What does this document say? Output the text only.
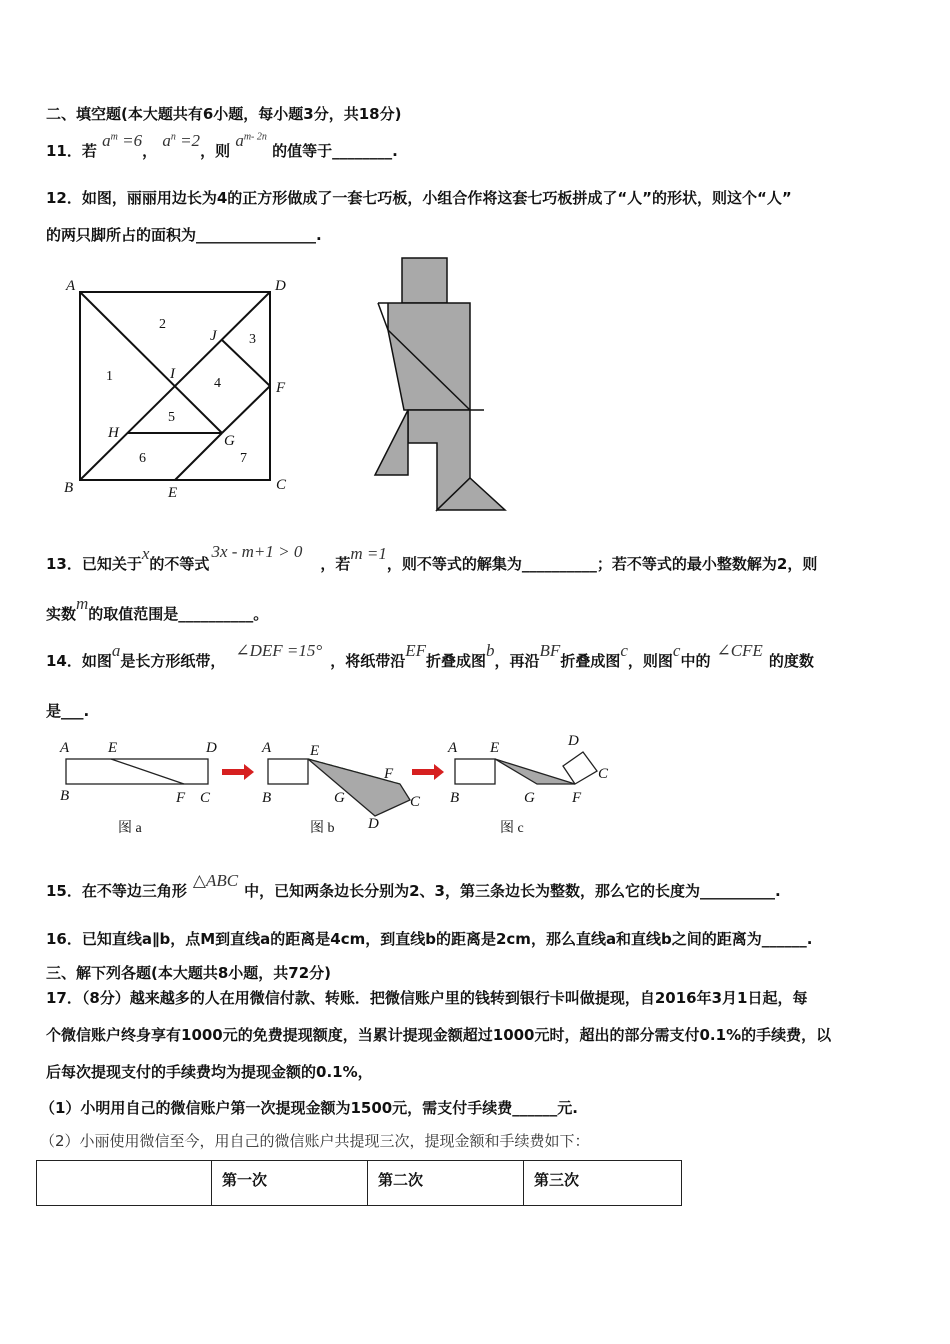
二、填空题(本大题共有6小题，每小题3分，共18分)
11．若 $a^m =6$， $a^n =2$，则 $a^{m- 2n}$ 的值等于________.
12．如图，丽丽用边长为4的正方形做成了一套七巧板，小组合作将这套七巧板拼成了“人”的形状，则这个“人”
的两只脚所占的面积为________________.
A	D
B	C
E
F
G
H
I
J
1
2
3
4
5
6	7
13．已知关于x的不等式3x - m+1 > 0，若m =1，则不等式的解集为__________；若不等式的最小整数解为2，则
实数m的取值范围是__________。
14．如图a是长方形纸带，∠DEF =15°，将纸带沿EF折叠成图b，再沿BF折叠成图c，则图c中的∠CFE的度数
是___.
A	E	D
B	F C
图 a
A	E
B	G
F
C
D
图 b
A E
B	G F
C
D
图 c
15．在不等边三角形△ABC中，已知两条边长分别为2、3，第三条边长为整数，那么它的长度为__________.
16．已知直线a∥b，点M到直线a的距离是4cm，到直线b的距离是2cm，那么直线a和直线b之间的距离为______.
三、解下列各题(本大题共8小题，共72分)
17．（8分）越来越多的人在用微信付款、转账．把微信账户里的钱转到银行卡叫做提现，自2016年3月1日起，每
个微信账户终身享有1000元的免费提现额度，当累计提现金额超过1000元时，超出的部分需支付0.1%的手续费，以
后每次提现支付的手续费均为提现金额的0.1%，
（1）小明用自己的微信账户第一次提现金额为1500元，需支付手续费______元.
（2）小丽使用微信至今，用自己的微信账户共提现三次，提现金额和手续费如下：
	第一次	第二次	第三次
